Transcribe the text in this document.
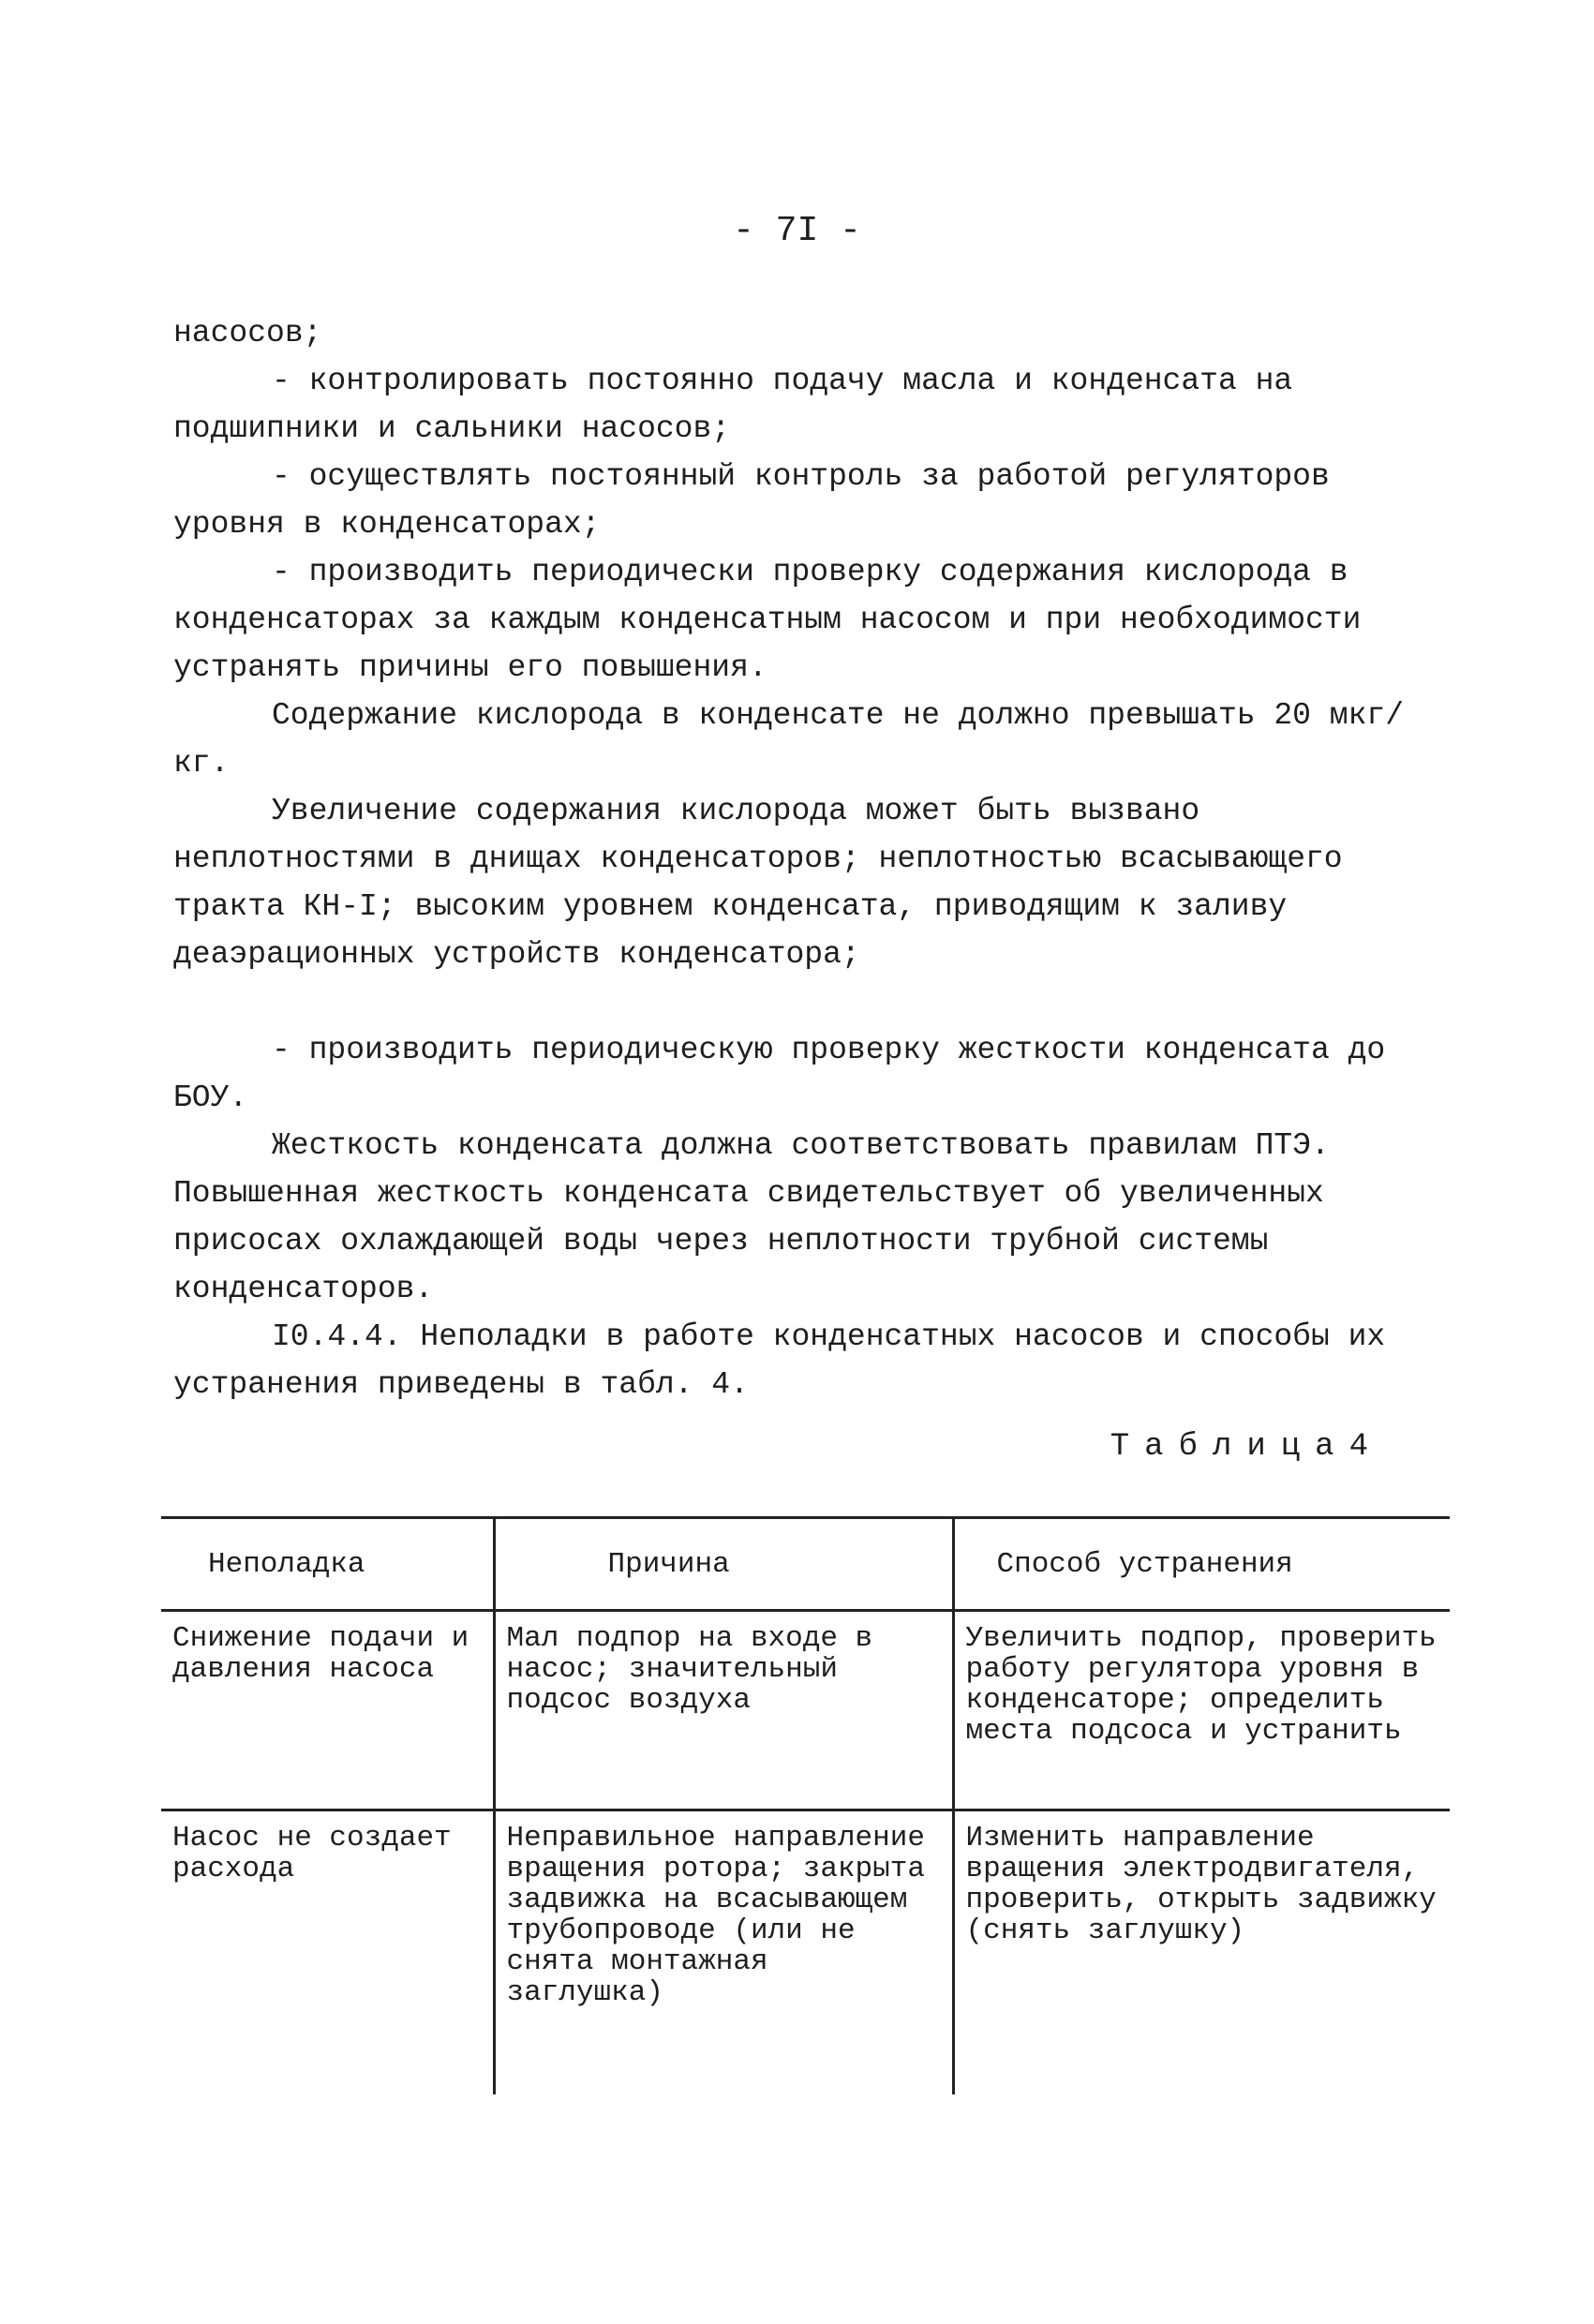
- 7I -

насосов;

- контролировать постоянно подачу масла и конденсата на подшипники и сальники насосов;

- осуществлять постоянный контроль за работой регуляторов уровня в конденсаторах;

- производить периодически проверку содержания кислорода в конденсаторах за каждым конденсатным насосом и при необходимости устранять причины его повышения.

Содержание кислорода в конденсате не должно превышать 20 мкг/кг.

Увеличение содержания кислорода может быть вызвано неплотностями в днищах конденсаторов; неплотностью всасывающего тракта КН-I; высоким уровнем конденсата, приводящим к заливу деаэрационных устройств конденсатора;

- производить периодическую проверку жесткости конденсата до БОУ.

Жесткость конденсата должна соответствовать правилам ПТЭ. Повышенная жесткость конденсата свидетельствует об увеличенных присосах охлаждающей воды через неплотности трубной системы конденсаторов.

I0.4.4. Неполадки в работе конденсатных насосов и способы их устранения приведены в табл. 4.

Таблица4
Неполадка	Причина	Способ устранения
Снижение подачи и давления насоса	Мал подпор на входе в насос; значительный подсос воздуха	Увеличить подпор, проверить работу регулятора уровня в конденсаторе; определить места подсоса и устранить
Насос не создает расхода	Неправильное направление вращения ротора; закрыта задвижка на всасывающем трубопроводе (или не снята монтажная заглушка)	Изменить направление вращения электродвигателя, проверить, открыть задвижку (снять заглушку)
